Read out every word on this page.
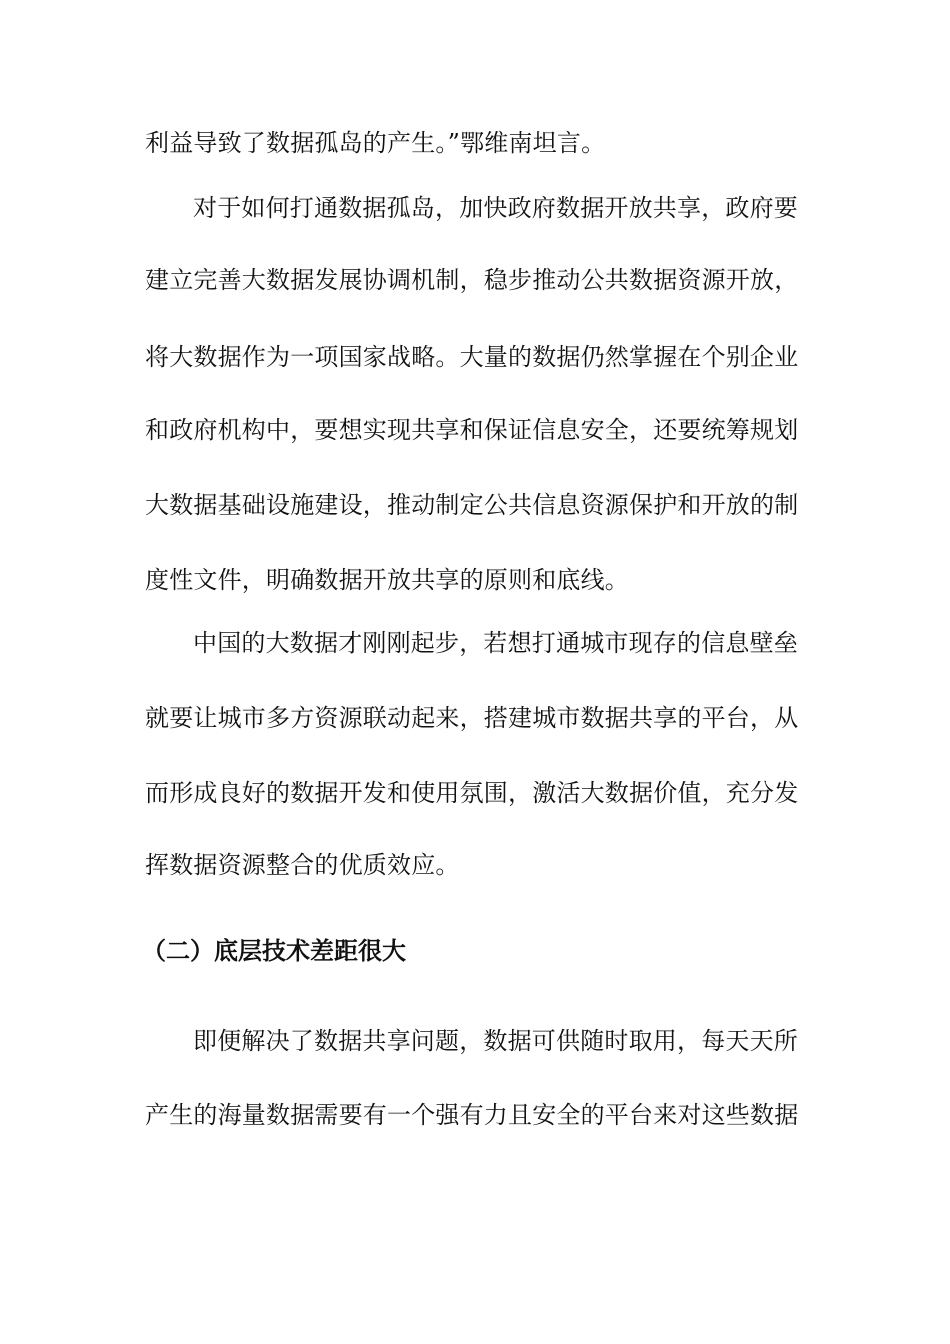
利益导致了数据孤岛的产生。”鄂维南坦言。
对于如何打通数据孤岛，加快政府数据开放共享，政府要
建立完善大数据发展协调机制，稳步推动公共数据资源开放，
将大数据作为一项国家战略。大量的数据仍然掌握在个别企业
和政府机构中，要想实现共享和保证信息安全，还要统筹规划
大数据基础设施建设，推动制定公共信息资源保护和开放的制
度性文件，明确数据开放共享的原则和底线。
中国的大数据才刚刚起步，若想打通城市现存的信息壁垒
就要让城市多方资源联动起来，搭建城市数据共享的平台，从
而形成良好的数据开发和使用氛围，激活大数据价值，充分发
挥数据资源整合的优质效应。
（二）底层技术差距很大
即便解决了数据共享问题，数据可供随时取用，每天天所
产生的海量数据需要有一个强有力且安全的平台来对这些数据
